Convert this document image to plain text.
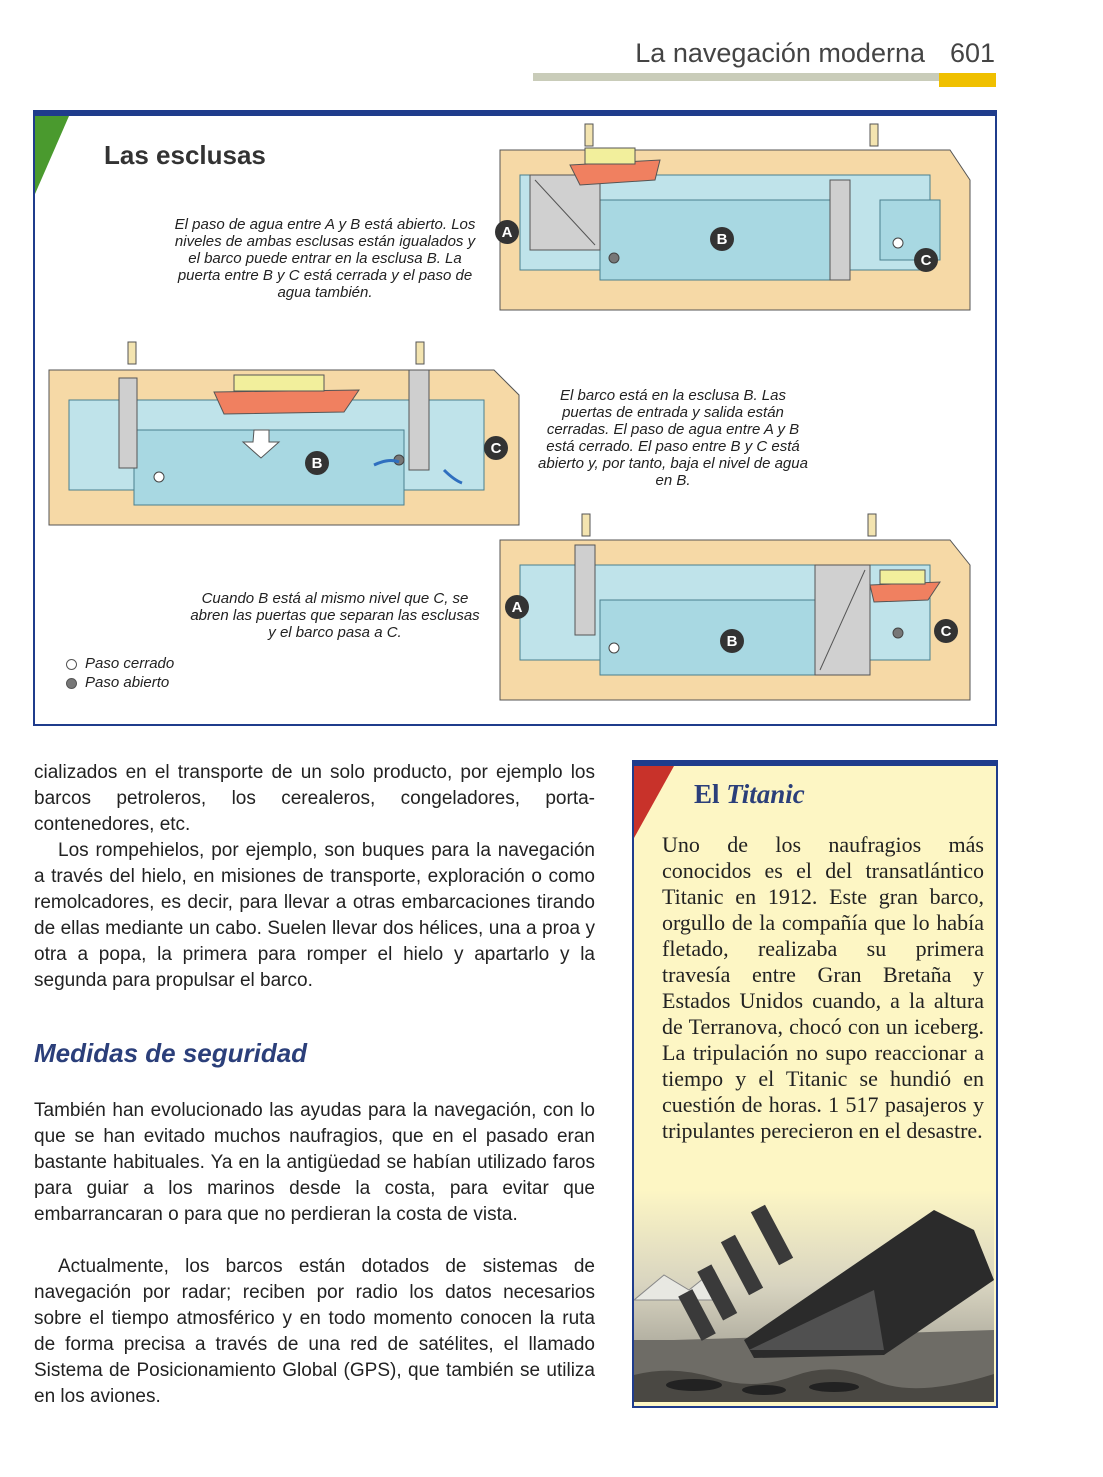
La navegación moderna 601
Las esclusas
El paso de agua entre A y B está abierto. Los niveles de ambas esclusas están igualados y el barco puede entrar en la esclusa B. La puerta entre B y C está cerrada y el paso de agua también.
El barco está en la esclusa B. Las puertas de entrada y salida están cerradas. El paso de agua entre A y B está cerrado. El paso entre B y C está abierto y, por tanto, baja el nivel de agua en B.
Cuando B está al mismo nivel que C, se abren las puertas que separan las esclusas y el barco pasa a C.
Paso cerrado
Paso abierto
A	B
C
B
C
A
B
C
cializados en el transporte de un solo producto, por ejemplo los barcos petroleros, los cerealeros, congeladores, porta-contenedores, etc.
Los rompehielos, por ejemplo, son buques para la navegación a través del hielo, en misiones de transporte, exploración o como remolcadores, es decir, para llevar a otras embarcaciones tirando de ellas mediante un cabo. Suelen llevar dos hélices, una a proa y otra a popa, la primera para romper el hielo y apartarlo y la segunda para propulsar el barco.
Medidas de seguridad
También han evolucionado las ayudas para la navegación, con lo que se han evitado muchos naufragios, que en el pasado eran bastante habituales. Ya en la antigüedad se habían utilizado faros para guiar a los marinos desde la costa, para evitar que embarrancaran o para que no perdieran la costa de vista.
Actualmente, los barcos están dotados de sistemas de navegación por radar; reciben por radio los datos necesarios sobre el tiempo atmosférico y en todo momento conocen la ruta de forma precisa a través de una red de satélites, el llamado Sistema de Posicionamiento Global (GPS), que también se utiliza en los aviones.
El Titanic
Uno de los naufragios más conocidos es el del transatlántico Titanic en 1912. Este gran barco, orgullo de la compañía que lo había fletado, realizaba su primera travesía entre Gran Bretaña y Estados Unidos cuando, a la altura de Terranova, chocó con un iceberg. La tripulación no supo reaccionar a tiempo y el Titanic se hundió en cuestión de horas. 1 517 pasajeros y tripulantes perecieron en el desastre.
